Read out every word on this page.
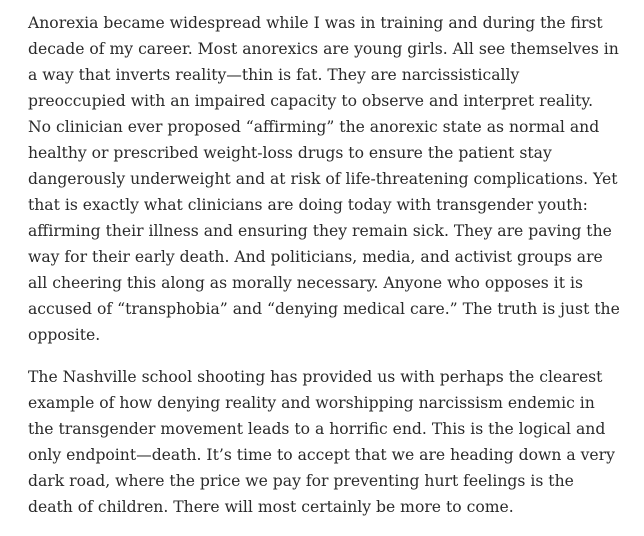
Anorexia became widespread while I was in training and during the first decade of my career. Most anorexics are young girls. All see themselves in a way that inverts reality—thin is fat. They are narcissistically preoccupied with an impaired capacity to observe and interpret reality. No clinician ever proposed “affirming” the anorexic state as normal and healthy or prescribed weight-loss drugs to ensure the patient stay dangerously underweight and at risk of life-threatening complications. Yet that is exactly what clinicians are doing today with transgender youth: affirming their illness and ensuring they remain sick. They are paving the way for their early death. And politicians, media, and activist groups are all cheering this along as morally necessary. Anyone who opposes it is accused of “transphobia” and “denying medical care.” The truth is just the opposite.

The Nashville school shooting has provided us with perhaps the clearest example of how denying reality and worshipping narcissism endemic in the transgender movement leads to a horrific end. This is the logical and only endpoint—death. It’s time to accept that we are heading down a very dark road, where the price we pay for preventing hurt feelings is the death of children. There will most certainly be more to come.
